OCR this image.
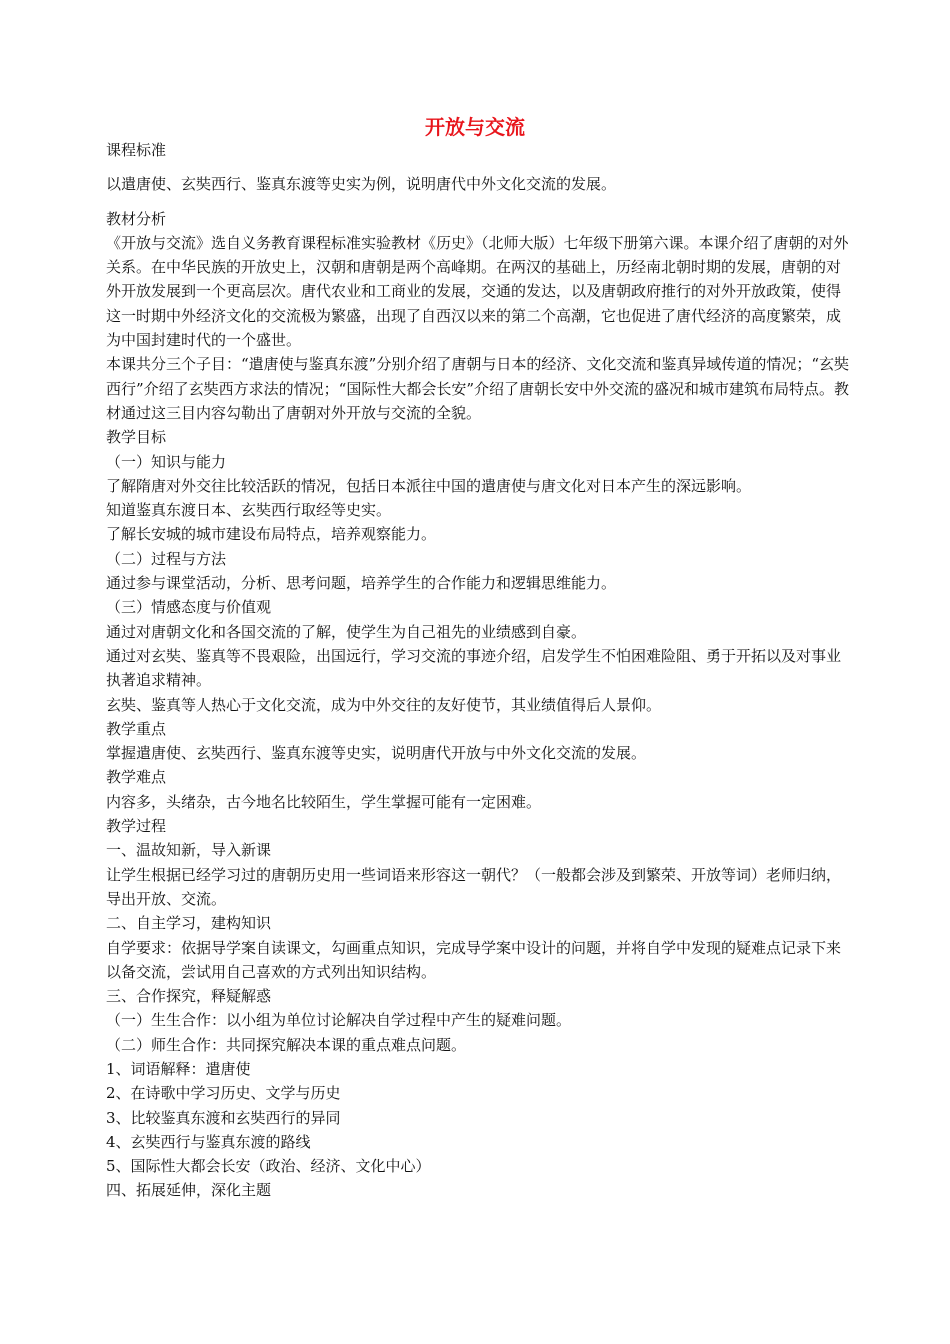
开放与交流

课程标准

以遣唐使、玄奘西行、鉴真东渡等史实为例，说明唐代中外文化交流的发展。

教材分析

《开放与交流》选自义务教育课程标准实验教材《历史》（北师大版）七年级下册第六课。本课介绍了唐朝的对外关系。在中华民族的开放史上，汉朝和唐朝是两个高峰期。在两汉的基础上，历经南北朝时期的发展，唐朝的对外开放发展到一个更高层次。唐代农业和工商业的发展，交通的发达，以及唐朝政府推行的对外开放政策，使得这一时期中外经济文化的交流极为繁盛，出现了自西汉以来的第二个高潮，它也促进了唐代经济的高度繁荣，成为中国封建时代的一个盛世。

本课共分三个子目：“遣唐使与鉴真东渡”分别介绍了唐朝与日本的经济、文化交流和鉴真异域传道的情况；“玄奘西行”介绍了玄奘西方求法的情况；“国际性大都会长安”介绍了唐朝长安中外交流的盛况和城市建筑布局特点。教材通过这三目内容勾勒出了唐朝对外开放与交流的全貌。

教学目标

（一）知识与能力

了解隋唐对外交往比较活跃的情况，包括日本派往中国的遣唐使与唐文化对日本产生的深远影响。

知道鉴真东渡日本、玄奘西行取经等史实。

了解长安城的城市建设布局特点，培养观察能力。

（二）过程与方法

通过参与课堂活动，分析、思考问题，培养学生的合作能力和逻辑思维能力。

（三）情感态度与价值观

通过对唐朝文化和各国交流的了解，使学生为自己祖先的业绩感到自豪。

通过对玄奘、鉴真等不畏艰险，出国远行，学习交流的事迹介绍，启发学生不怕困难险阻、勇于开拓以及对事业执著追求精神。

玄奘、鉴真等人热心于文化交流，成为中外交往的友好使节，其业绩值得后人景仰。

教学重点

掌握遣唐使、玄奘西行、鉴真东渡等史实，说明唐代开放与中外文化交流的发展。

教学难点

内容多，头绪杂，古今地名比较陌生，学生掌握可能有一定困难。

教学过程

一、温故知新，导入新课

让学生根据已经学习过的唐朝历史用一些词语来形容这一朝代？（一般都会涉及到繁荣、开放等词）老师归纳，导出开放、交流。

二、自主学习，建构知识

自学要求：依据导学案自读课文，勾画重点知识，完成导学案中设计的问题，并将自学中发现的疑难点记录下来以备交流，尝试用自己喜欢的方式列出知识结构。

三、合作探究，释疑解惑

（一）生生合作：以小组为单位讨论解决自学过程中产生的疑难问题。

（二）师生合作：共同探究解决本课的重点难点问题。

1、词语解释：遣唐使

2、在诗歌中学习历史、文学与历史

3、比较鉴真东渡和玄奘西行的异同

4、玄奘西行与鉴真东渡的路线

5、国际性大都会长安（政治、经济、文化中心）

四、拓展延伸，深化主题
